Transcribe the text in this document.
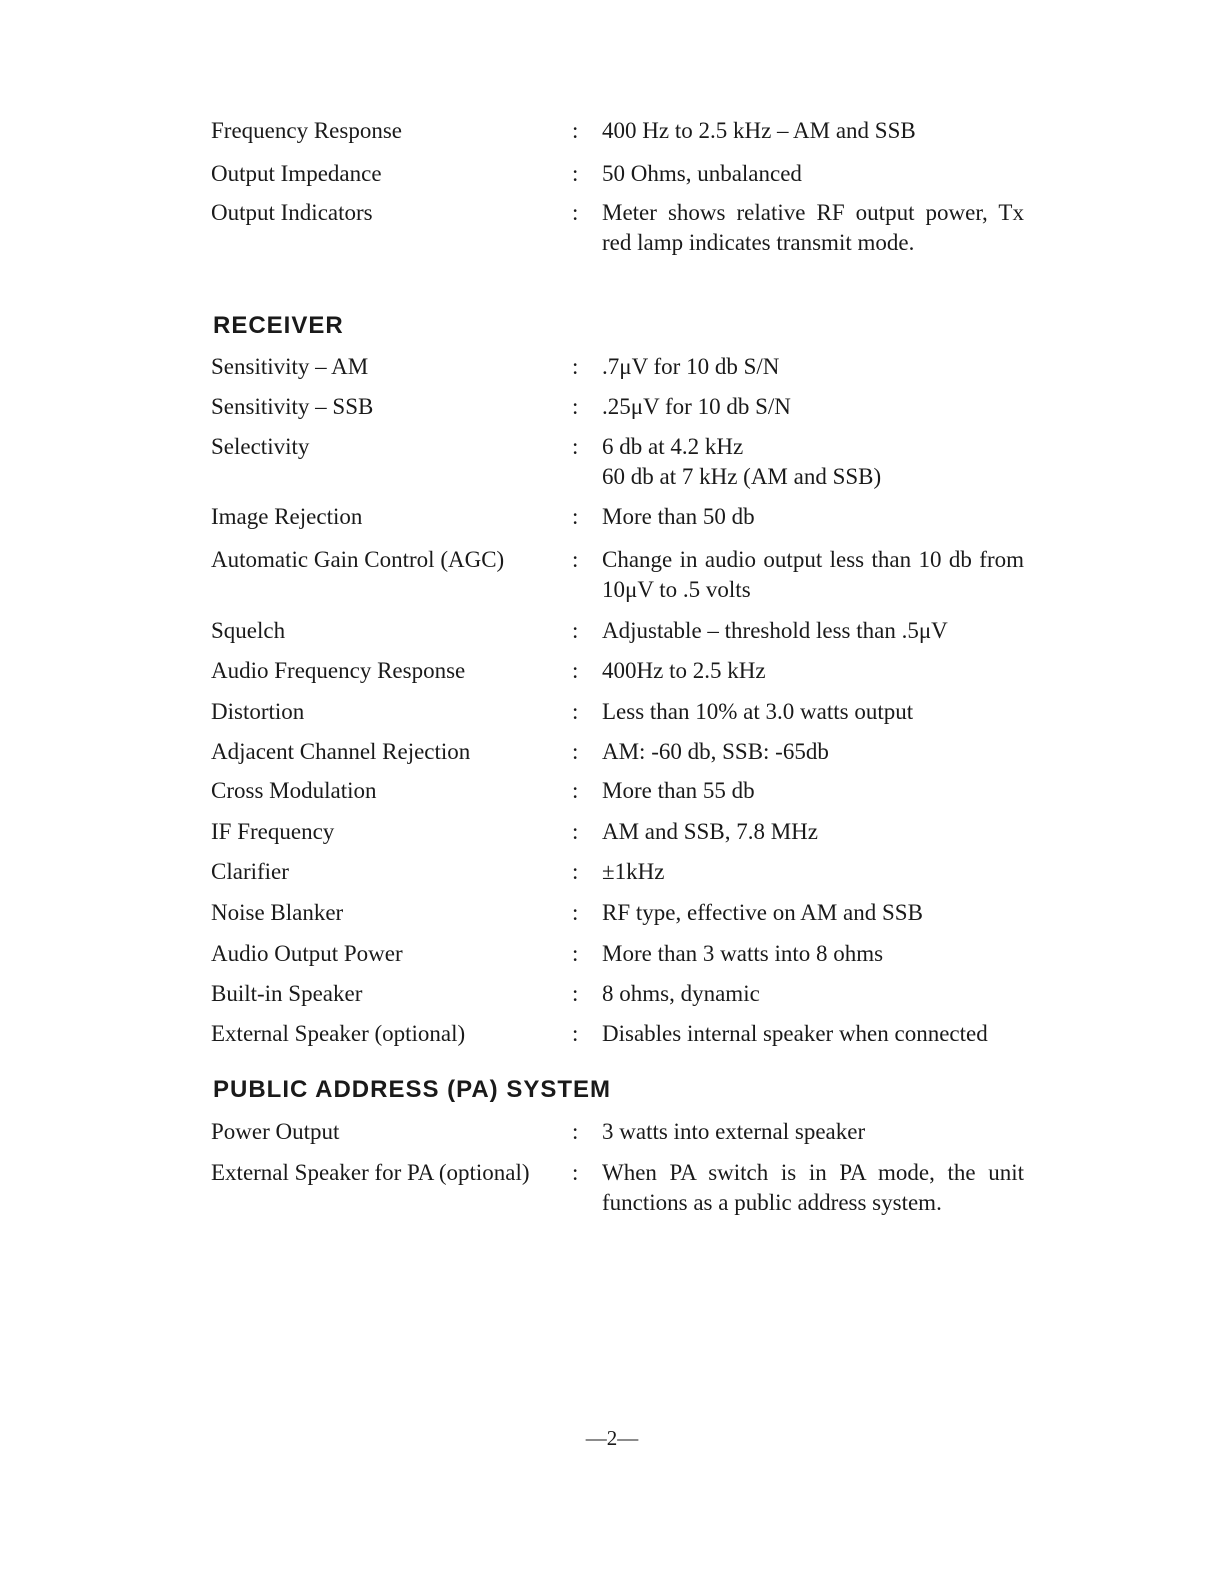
Frequency Response	: 400 Hz to 2.5 kHz – AM and SSB
Output Impedance	: 50 Ohms, unbalanced
Output Indicators	: Meter shows relative RF output power, Tx red lamp indicates transmit mode.
RECEIVER
Sensitivity – AM	: .7μV for 10 db S/N
Sensitivity – SSB	: .25μV for 10 db S/N
Selectivity	: 6 db at 4.2 kHz
60 db at 7 kHz (AM and SSB)
Image Rejection	: More than 50 db
Automatic Gain Control (AGC)	: Change in audio output less than 10 db from 10μV to .5 volts
Squelch	: Adjustable – threshold less than .5μV
Audio Frequency Response	: 400Hz to 2.5 kHz
Distortion	: Less than 10% at 3.0 watts output
Adjacent Channel Rejection	: AM: -60 db, SSB: -65db
Cross Modulation	: More than 55 db
IF Frequency	: AM and SSB, 7.8 MHz
Clarifier	: ±1kHz
Noise Blanker	: RF type, effective on AM and SSB
Audio Output Power	: More than 3 watts into 8 ohms
Built-in Speaker	: 8 ohms, dynamic
External Speaker (optional)	: Disables internal speaker when connected
PUBLIC ADDRESS (PA) SYSTEM
Power Output	: 3 watts into external speaker
External Speaker for PA (optional) : When PA switch is in PA mode, the unit functions as a public address system.
—2—
